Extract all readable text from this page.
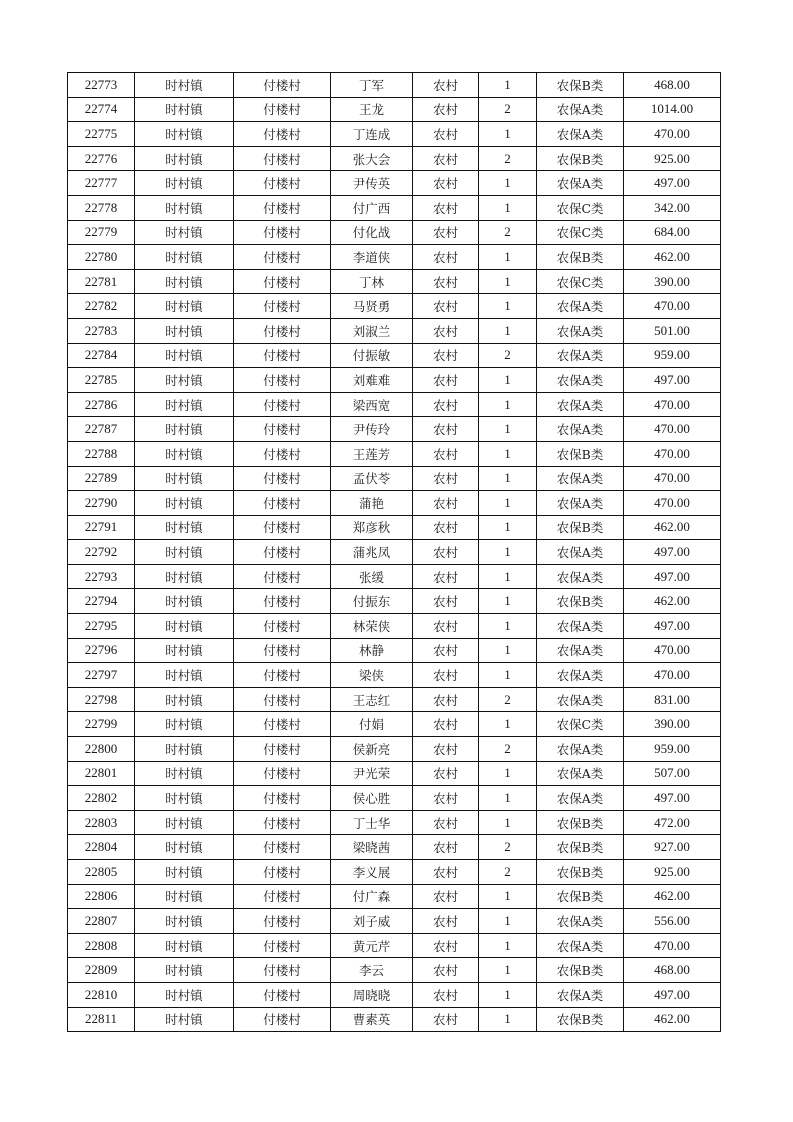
22773	时村镇	付楼村	丁军	农村	1	农保B类	468.00
22774	时村镇	付楼村	王龙	农村	2	农保A类	1014.00
22775	时村镇	付楼村	丁连成	农村	1	农保A类	470.00
22776	时村镇	付楼村	张大会	农村	2	农保B类	925.00
22777	时村镇	付楼村	尹传英	农村	1	农保A类	497.00
22778	时村镇	付楼村	付广西	农村	1	农保C类	342.00
22779	时村镇	付楼村	付化战	农村	2	农保C类	684.00
22780	时村镇	付楼村	李道侠	农村	1	农保B类	462.00
22781	时村镇	付楼村	丁林	农村	1	农保C类	390.00
22782	时村镇	付楼村	马贤勇	农村	1	农保A类	470.00
22783	时村镇	付楼村	刘淑兰	农村	1	农保A类	501.00
22784	时村镇	付楼村	付振敏	农村	2	农保A类	959.00
22785	时村镇	付楼村	刘难难	农村	1	农保A类	497.00
22786	时村镇	付楼村	梁西宽	农村	1	农保A类	470.00
22787	时村镇	付楼村	尹传玲	农村	1	农保A类	470.00
22788	时村镇	付楼村	王莲芳	农村	1	农保B类	470.00
22789	时村镇	付楼村	孟伏苓	农村	1	农保A类	470.00
22790	时村镇	付楼村	蒲艳	农村	1	农保A类	470.00
22791	时村镇	付楼村	郑彦秋	农村	1	农保B类	462.00
22792	时村镇	付楼村	蒲兆凤	农村	1	农保A类	497.00
22793	时村镇	付楼村	张缓	农村	1	农保A类	497.00
22794	时村镇	付楼村	付振东	农村	1	农保B类	462.00
22795	时村镇	付楼村	林荣侠	农村	1	农保A类	497.00
22796	时村镇	付楼村	林静	农村	1	农保A类	470.00
22797	时村镇	付楼村	梁侠	农村	1	农保A类	470.00
22798	时村镇	付楼村	王志红	农村	2	农保A类	831.00
22799	时村镇	付楼村	付娟	农村	1	农保C类	390.00
22800	时村镇	付楼村	侯新亮	农村	2	农保A类	959.00
22801	时村镇	付楼村	尹光荣	农村	1	农保A类	507.00
22802	时村镇	付楼村	侯心胜	农村	1	农保A类	497.00
22803	时村镇	付楼村	丁士华	农村	1	农保B类	472.00
22804	时村镇	付楼村	梁晓茜	农村	2	农保B类	927.00
22805	时村镇	付楼村	李义展	农村	2	农保B类	925.00
22806	时村镇	付楼村	付广森	农村	1	农保B类	462.00
22807	时村镇	付楼村	刘子威	农村	1	农保A类	556.00
22808	时村镇	付楼村	黄元芹	农村	1	农保A类	470.00
22809	时村镇	付楼村	李云	农村	1	农保B类	468.00
22810	时村镇	付楼村	周晓晓	农村	1	农保A类	497.00
22811	时村镇	付楼村	曹素英	农村	1	农保B类	462.00
